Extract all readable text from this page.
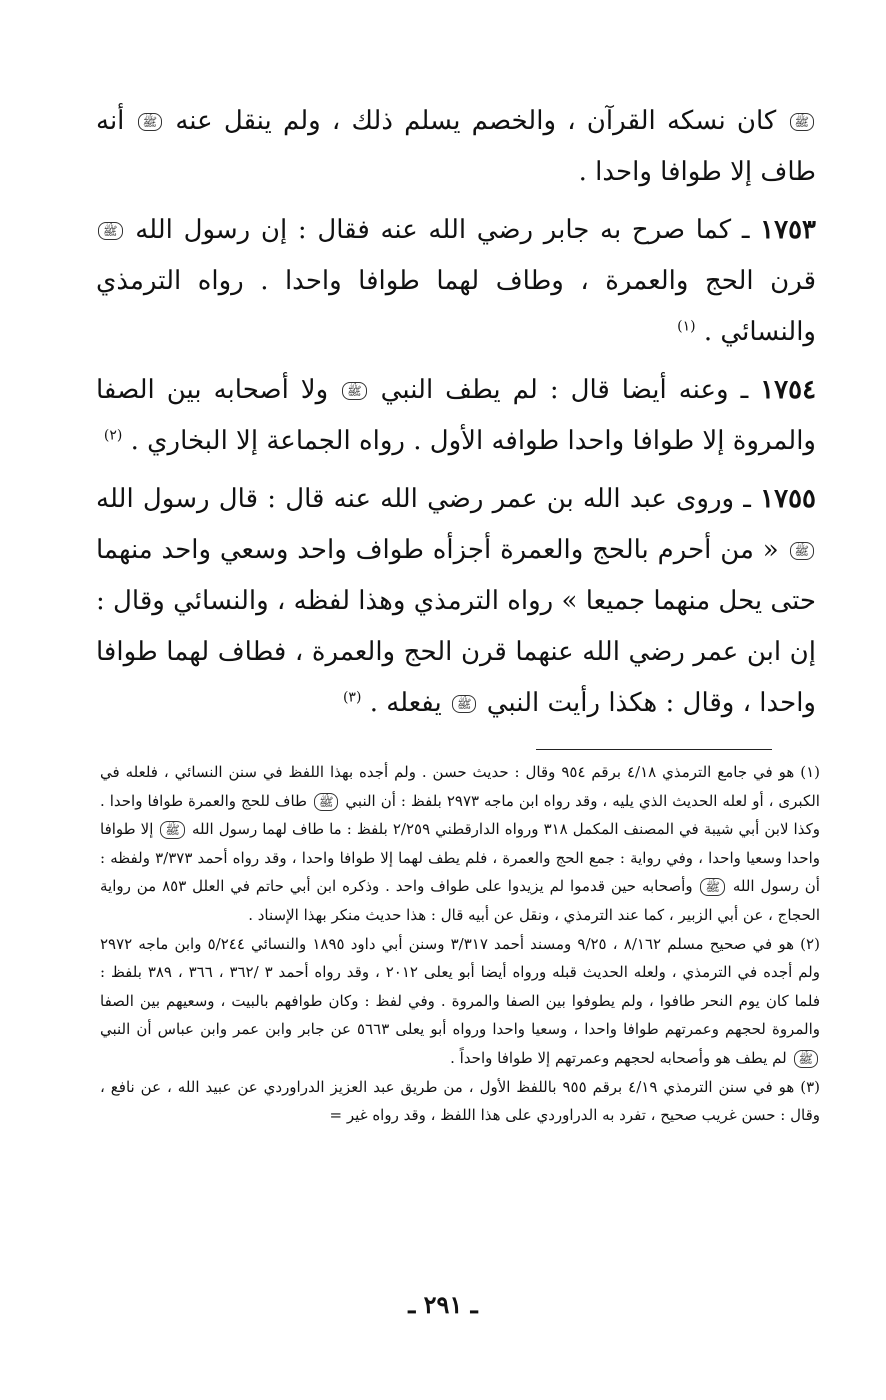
ﷺ كان نسكه القرآن ، والخصم يسلم ذلك ، ولم ينقل عنه ﷺ أنه طاف إلا طوافا واحدا .

١٧٥٣ ـ كما صرح به جابر رضي الله عنه فقال : إن رسول الله ﷺ قرن الحج والعمرة ، وطاف لهما طوافا واحدا . رواه الترمذي والنسائي . $^{(١)}$

١٧٥٤ ـ وعنه أيضا قال : لم يطف النبي ﷺ ولا أصحابه بين الصفا والمروة إلا طوافا واحدا طوافه الأول . رواه الجماعة إلا البخاري . $^{(٢)}$

١٧٥٥ ـ وروى عبد الله بن عمر رضي الله عنه قال : قال رسول الله ﷺ « من أحرم بالحج والعمرة أجزأه طواف واحد وسعي واحد منهما حتى يحل منهما جميعا » رواه الترمذي وهذا لفظه ، والنسائي وقال : إن ابن عمر رضي الله عنهما قرن الحج والعمرة ، فطاف لهما طوافا واحدا ، وقال : هكذا رأيت النبي ﷺ يفعله . $^{(٣)}$

(١) هو في جامع الترمذي ٤/١٨ برقم ٩٥٤ وقال : حديث حسن . ولم أجده بهذا اللفظ في سنن النسائي ، فلعله في الكبرى ، أو لعله الحديث الذي يليه ، وقد رواه ابن ماجه ٢٩٧٣ بلفظ : أن النبي ﷺ طاف للحج والعمرة طوافا واحدا . وكذا لابن أبي شيبة في المصنف المكمل ٣١٨ ورواه الدارقطني ٢/٢٥٩ بلفظ : ما طاف لهما رسول الله ﷺ إلا طوافا واحدا وسعيا واحدا ، وفي رواية : جمع الحج والعمرة ، فلم يطف لهما إلا طوافا واحدا ، وقد رواه أحمد ٣/٣٧٣ ولفظه : أن رسول الله ﷺ وأصحابه حين قدموا لم يزيدوا على طواف واحد . وذكره ابن أبي حاتم في العلل ٨٥٣ من رواية الحجاج ، عن أبي الزبير ، كما عند الترمذي ، ونقل عن أبيه قال : هذا حديث منكر بهذا الإسناد .

(٢) هو في صحيح مسلم ٨/١٦٢ ، ٩/٢٥ ومسند أحمد ٣/٣١٧ وسنن أبي داود ١٨٩٥ والنسائي ٥/٢٤٤ وابن ماجه ٢٩٧٢ ولم أجده في الترمذي ، ولعله الحديث قبله ورواه أيضا أبو يعلى ٢٠١٢ ، وقد رواه أحمد ٣ /٣٦٢ ، ٣٦٦ ، ٣٨٩ بلفظ : فلما كان يوم النحر طافوا ، ولم يطوفوا بين الصفا والمروة . وفي لفظ : وكان طوافهم بالبيت ، وسعيهم بين الصفا والمروة لحجهم وعمرتهم طوافا واحدا ، وسعيا واحدا ورواه أبو يعلى ٥٦٦٣ عن جابر وابن عمر وابن عباس أن النبي ﷺ لم يطف هو وأصحابه لحجهم وعمرتهم إلا طوافا واحداً .

(٣) هو في سنن الترمذي ٤/١٩ برقم ٩٥٥ باللفظ الأول ، من طريق عبد العزيز الدراوردي عن عبيد الله ، عن نافع ، وقال : حسن غريب صحيح ، تفرد به الدراوردي على هذا اللفظ ، وقد رواه غير =

ـ ٢٩١ ـ
